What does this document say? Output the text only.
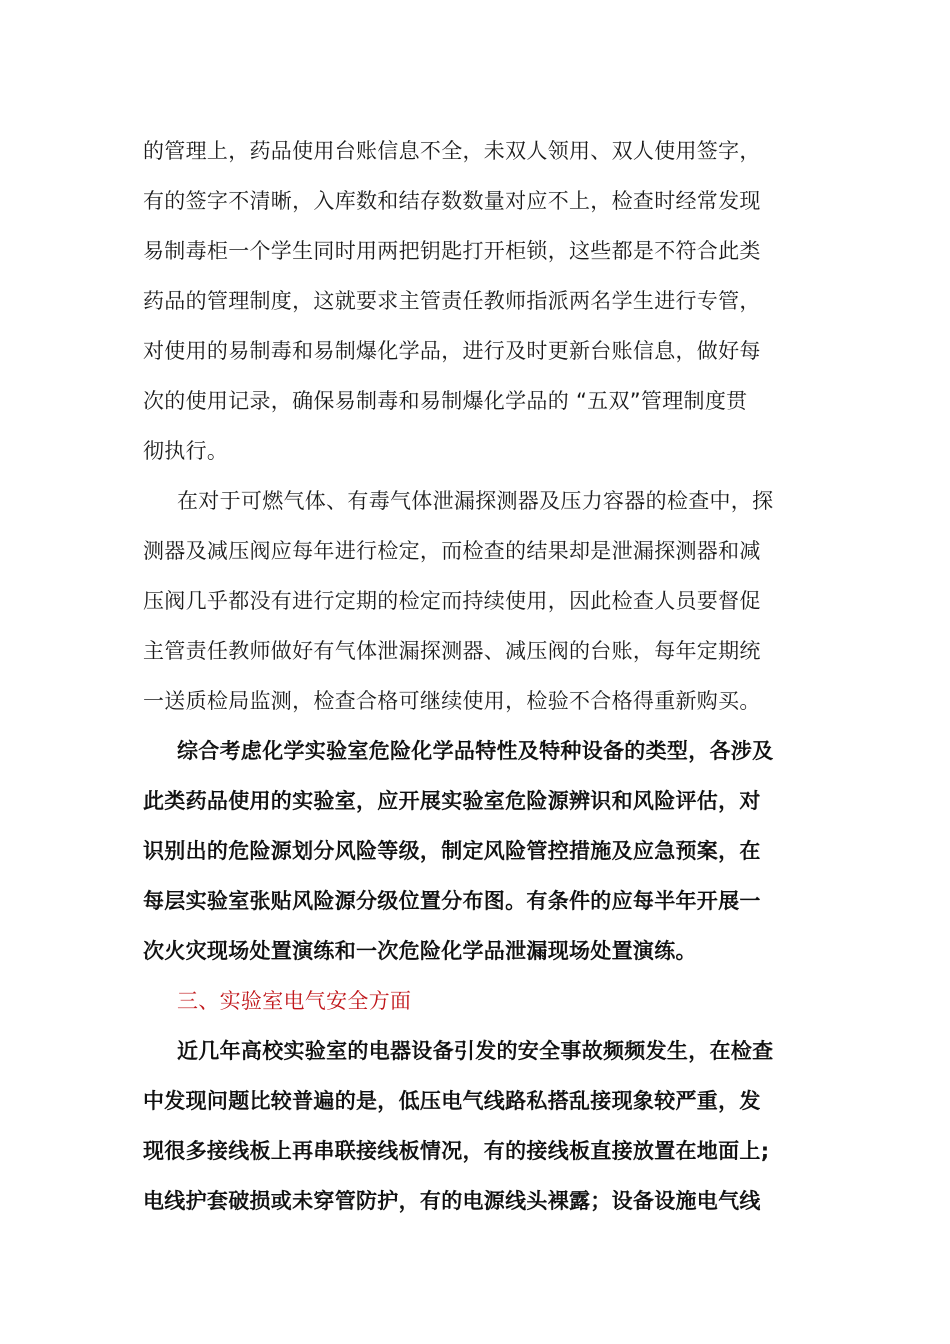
的管理上，药品使用台账信息不全，未双人领用、双人使用签字，
有的签字不清晰，入库数和结存数数量对应不上，检查时经常发现
易制毒柜一个学生同时用两把钥匙打开柜锁，这些都是不符合此类
药品的管理制度，这就要求主管责任教师指派两名学生进行专管，
对使用的易制毒和易制爆化学品，进行及时更新台账信息，做好每
次的使用记录，确保易制毒和易制爆化学品的 “五双”管理制度贯
彻执行。
在对于可燃气体、有毒气体泄漏探测器及压力容器的检查中，探
测器及减压阀应每年进行检定，而检查的结果却是泄漏探测器和减
压阀几乎都没有进行定期的检定而持续使用，因此检查人员要督促
主管责任教师做好有气体泄漏探测器、减压阀的台账，每年定期统
一送质检局监测，检查合格可继续使用，检验不合格得重新购买。
综合考虑化学实验室危险化学品特性及特种设备的类型，各涉及
此类药品使用的实验室，应开展实验室危险源辨识和风险评估，对
识别出的危险源划分风险等级，制定风险管控措施及应急预案，在
每层实验室张贴风险源分级位置分布图。有条件的应每半年开展一
次火灾现场处置演练和一次危险化学品泄漏现场处置演练。
三、实验室电气安全方面
近几年高校实验室的电器设备引发的安全事故频频发生，在检查
中发现问题比较普遍的是，低压电气线路私搭乱接现象较严重，发
现很多接线板上再串联接线板情况，有的接线板直接放置在地面上;
电线护套破损或未穿管防护，有的电源线头裸露；设备设施电气线
